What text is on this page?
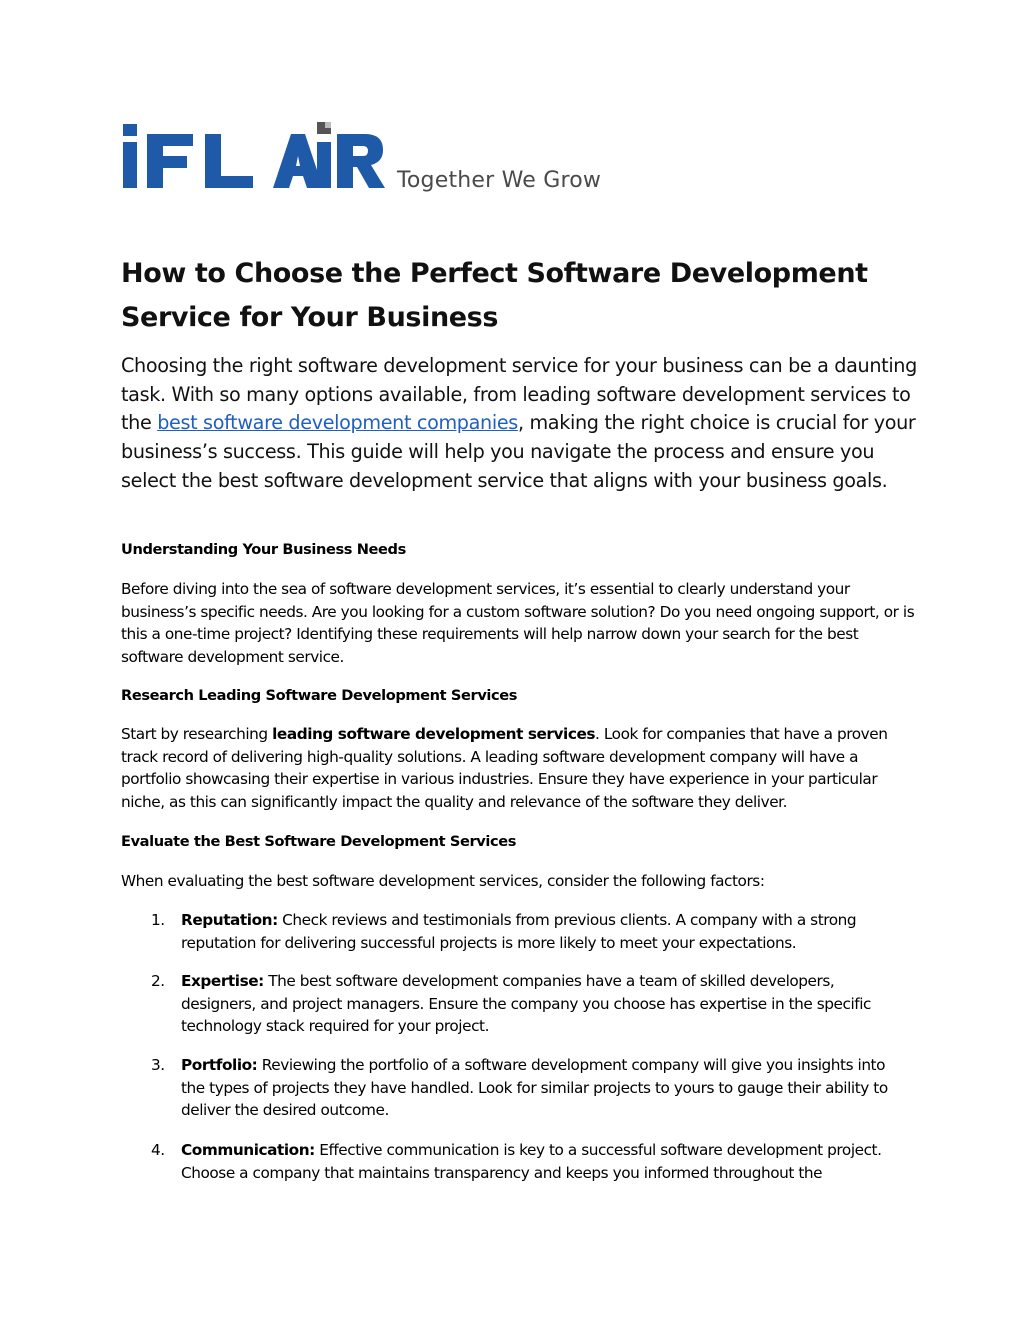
Together We Grow
How to Choose the Perfect Software Development Service for Your Business

Choosing the right software development service for your business can be a daunting task. With so many options available, from leading software development services to the best software development companies, making the right choice is crucial for your business’s success. This guide will help you navigate the process and ensure you select the best software development service that aligns with your business goals.

Understanding Your Business Needs

Before diving into the sea of software development services, it’s essential to clearly understand your business’s specific needs. Are you looking for a custom software solution? Do you need ongoing support, or is this a one-time project? Identifying these requirements will help narrow down your search for the best software development service.

Research Leading Software Development Services

Start by researching leading software development services. Look for companies that have a proven track record of delivering high-quality solutions. A leading software development company will have a portfolio showcasing their expertise in various industries. Ensure they have experience in your particular niche, as this can significantly impact the quality and relevance of the software they deliver.

Evaluate the Best Software Development Services

When evaluating the best software development services, consider the following factors:

1. Reputation: Check reviews and testimonials from previous clients. A company with a strong reputation for delivering successful projects is more likely to meet your expectations.
2. Expertise: The best software development companies have a team of skilled developers, designers, and project managers. Ensure the company you choose has expertise in the specific technology stack required for your project.
3. Portfolio: Reviewing the portfolio of a software development company will give you insights into the types of projects they have handled. Look for similar projects to yours to gauge their ability to deliver the desired outcome.
4. Communication: Effective communication is key to a successful software development project. Choose a company that maintains transparency and keeps you informed throughout the
